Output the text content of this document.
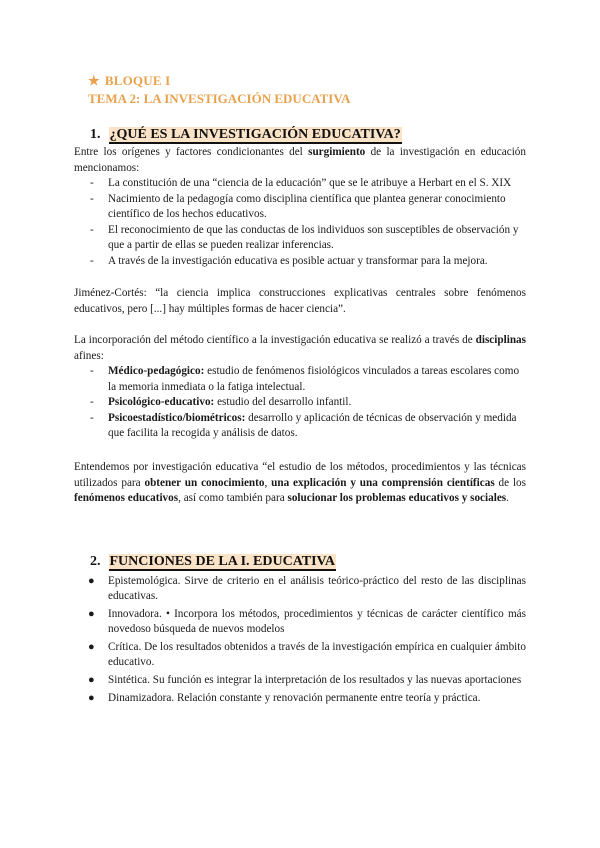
★ BLOQUE I
TEMA 2: LA INVESTIGACIÓN EDUCATIVA
1. ¿QUÉ ES LA INVESTIGACIÓN EDUCATIVA?
Entre los orígenes y factores condicionantes del surgimiento de la investigación en educación mencionamos:
- La constitución de una “ciencia de la educación” que se le atribuye a Herbart en el S. XIX
- Nacimiento de la pedagogía como disciplina científica que plantea generar conocimiento científico de los hechos educativos.
- El reconocimiento de que las conductas de los individuos son susceptibles de observación y que a partir de ellas se pueden realizar inferencias.
- A través de la investigación educativa es posible actuar y transformar para la mejora.
Jiménez-Cortés: “la ciencia implica construcciones explicativas centrales sobre fenómenos educativos, pero [...] hay múltiples formas de hacer ciencia”.
La incorporación del método científico a la investigación educativa se realizó a través de disciplinas afines:
- Médico-pedagógico: estudio de fenómenos fisiológicos vinculados a tareas escolares como la memoria inmediata o la fatiga intelectual.
- Psicológico-educativo: estudio del desarrollo infantil.
- Psicoestadístico/biométricos: desarrollo y aplicación de técnicas de observación y medida que facilita la recogida y análisis de datos.
Entendemos por investigación educativa “el estudio de los métodos, procedimientos y las técnicas utilizados para obtener un conocimiento, una explicación y una comprensión científicas de los fenómenos educativos, así como también para solucionar los problemas educativos y sociales.
2. FUNCIONES DE LA I. EDUCATIVA
● Epistemológica. Sirve de criterio en el análisis teórico-práctico del resto de las disciplinas educativas.
● Innovadora. • Incorpora los métodos, procedimientos y técnicas de carácter científico más novedoso búsqueda de nuevos modelos
● Crítica. De los resultados obtenidos a través de la investigación empírica en cualquier ámbito educativo.
● Sintética. Su función es integrar la interpretación de los resultados y las nuevas aportaciones
● Dinamizadora. Relación constante y renovación permanente entre teoría y práctica.
